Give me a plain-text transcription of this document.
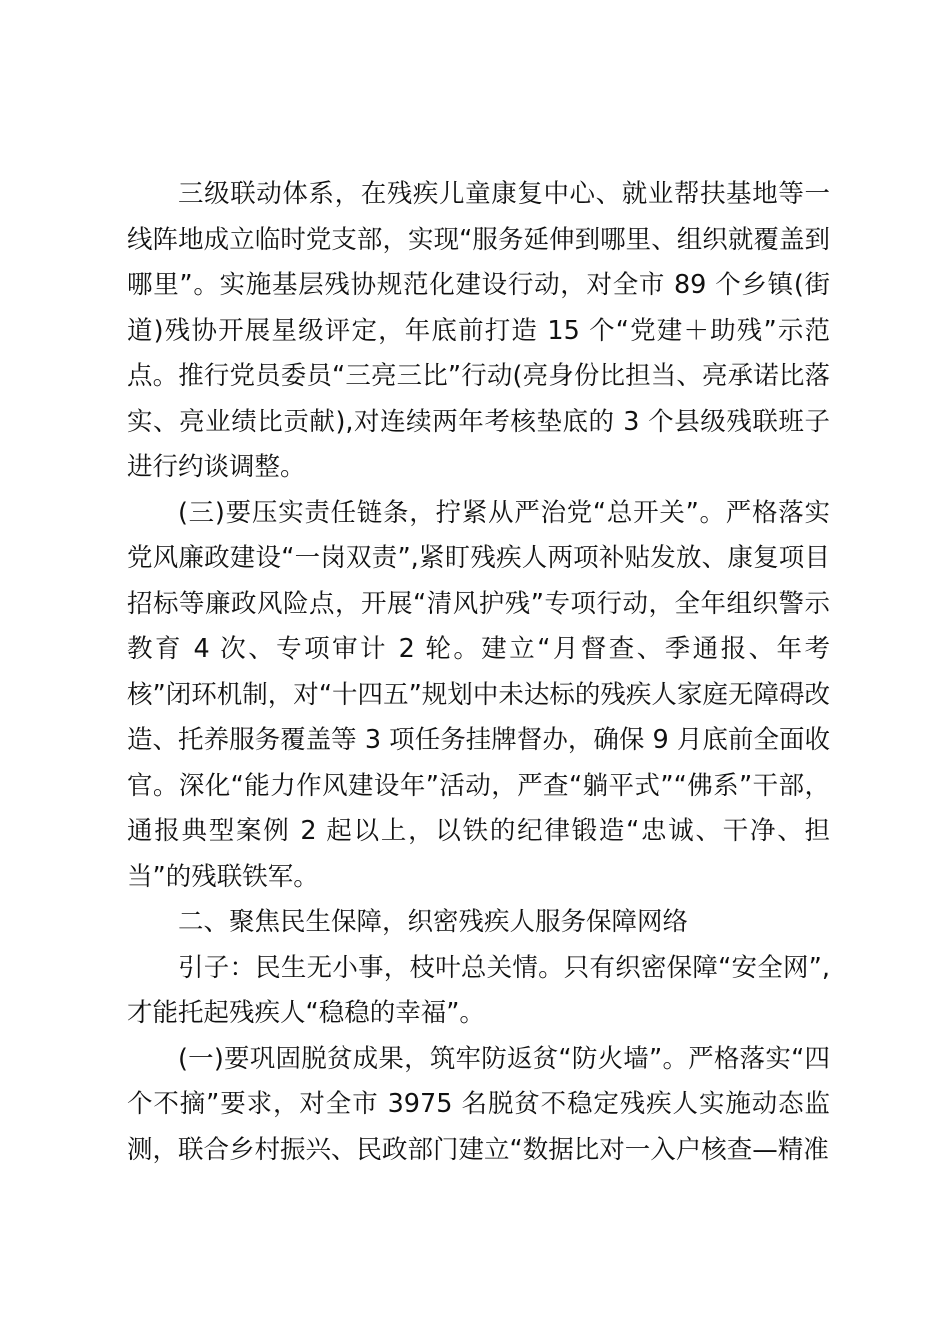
三级联动体系，在残疾儿童康复中心、就业帮扶基地等一线阵地成立临时党支部，实现“服务延伸到哪里、组织就覆盖到哪里”。实施基层残协规范化建设行动，对全市 89 个乡镇(街道)残协开展星级评定，年底前打造 15 个“党建＋助残”示范点。推行党员委员“三亮三比”行动(亮身份比担当、亮承诺比落实、亮业绩比贡献),对连续两年考核垫底的 3 个县级残联班子进行约谈调整。

(三)要压实责任链条，拧紧从严治党“总开关”。严格落实党风廉政建设“一岗双责”,紧盯残疾人两项补贴发放、康复项目招标等廉政风险点，开展“清风护残”专项行动，全年组织警示教育 4 次、专项审计 2 轮。建立“月督查、季通报、年考核”闭环机制，对“十四五”规划中未达标的残疾人家庭无障碍改造、托养服务覆盖等 3 项任务挂牌督办，确保 9 月底前全面收官。深化“能力作风建设年”活动，严查“躺平式”“佛系”干部，通报典型案例 2 起以上，以铁的纪律锻造“忠诚、干净、担当”的残联铁军。

二、聚焦民生保障，织密残疾人服务保障网络

引子：民生无小事，枝叶总关情。只有织密保障“安全网”,才能托起残疾人“稳稳的幸福”。

(一)要巩固脱贫成果，筑牢防返贫“防火墙”。严格落实“四个不摘”要求，对全市 3975 名脱贫不稳定残疾人实施动态监测，联合乡村振兴、民政部门建立“数据比对一入户核查—精准
